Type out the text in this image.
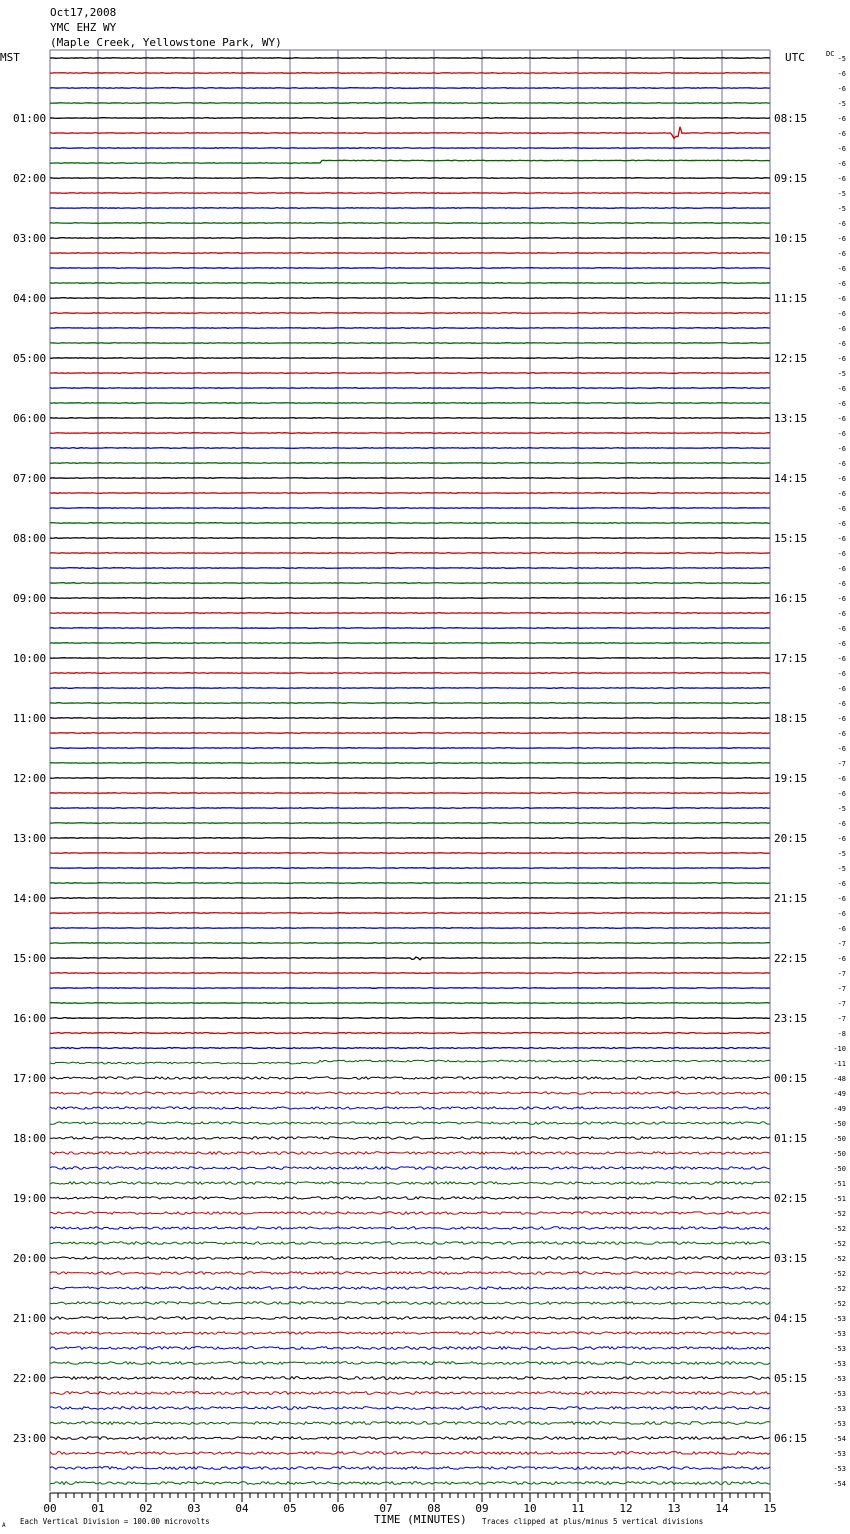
Oct17,2008
YMC EHZ WY
(Maple Creek, Yellowstone Park, WY)
MST	UTC	DC
01:00
02:00
03:00
04:00
05:00
06:00
07:00
08:00
09:00
10:00
11:00
12:00
13:00
14:00
15:00
16:00
17:00
18:00
19:00
20:00
21:00
22:00
23:00
08:15
09:15
10:15
11:15
12:15
13:15
14:15
15:15
16:15
17:15
18:15
19:15
20:15
21:15
22:15
23:15
00:15
01:15
02:15
03:15
04:15
05:15
06:15
-5
-6
-6
-5
-6
-6
-6
-6
-6
-5
-5
-6
-6
-6
-6
-6
-6
-6
-6
-6
-6
-5
-6
-6
-6
-6
-6
-6
-6
-6
-6
-6
-6
-6
-6
-6
-6
-6
-6
-6
-6
-6
-6
-6
-6
-6
-6
-7
-6
-6
-5
-6
-6
-5
-5
-6
-6
-6
-6
-7
-6
-7
-7
-7
-7
-8
-10
-11
-48
-49
-49
-50
-50
-50
-50
-51
-51
-52
-52
-52
-52
-52
-52
-52
-53
-53
-53
-53
-53
-53
-53
-53
-54
-53
-53
-54
00	01	02	03	04	05	06	07	08	09	10	11	12	13	14	15
TIME (MINUTES)
Each Vertical Division = 100.00 microvolts	Traces clipped at plus/minus 5 vertical divisions
A
